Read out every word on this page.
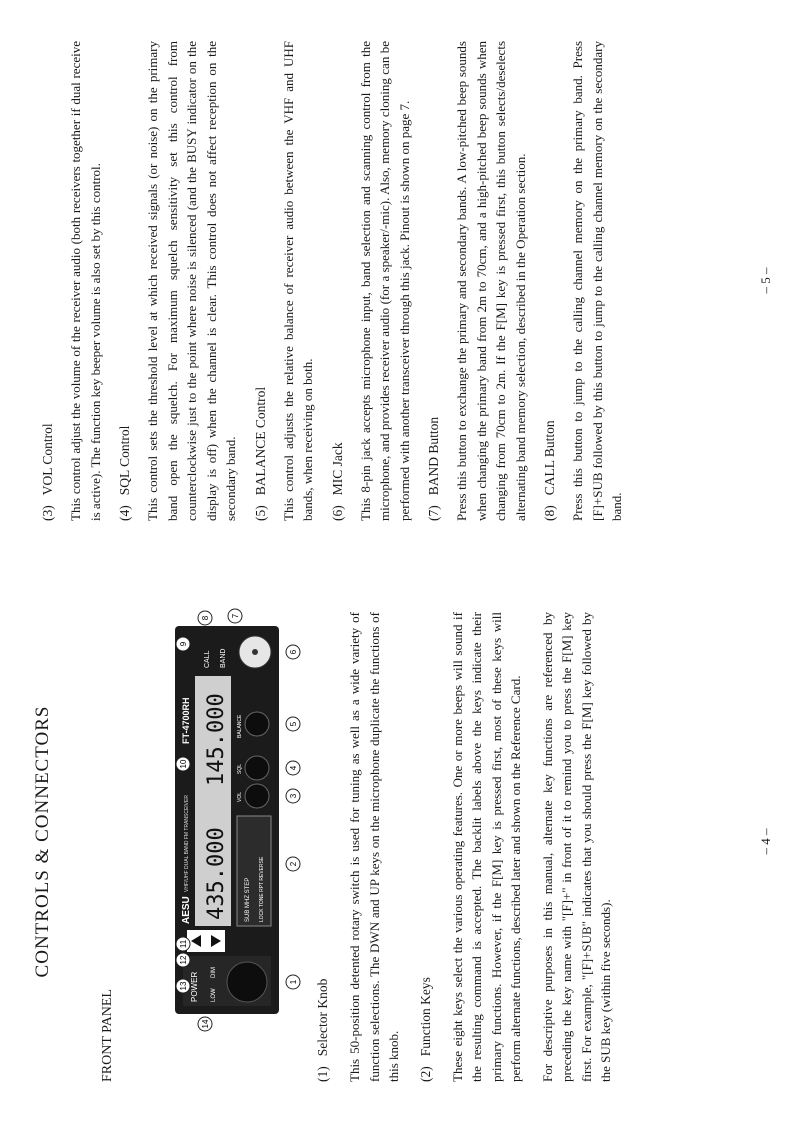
CONTROLS & CONNECTORS
FRONT PANEL
POWER LOW
DIM
AESU
VHF/UHF DUAL BAND FM TRANSCEIVER
FT-4700RH
435.000
145.000
SUB MHZ STEP LOCK TONE RPT REVERSE
VOL
SQL
BALANCE
CALL BAND
1
2
3
4
5
6
7
8
9
10
11
12
13
14

(1)Selector Knob This 50-position detented rotary switch is used for tuning as well as a wide variety of function selections. The DWN and UP keys on the microphone duplicate the functions of this knob. (2)Function Keys These eight keys select the various operating features. One or more beeps will sound if the resulting command is accepted. The backlit labels above the keys indicate their primary functions. However, if the F[M] key is pressed first, most of these keys will perform alternate functions, described later and shown on the Reference Card. For descriptive purposes in this manual, alternate key functions are referenced by preceding the key name with "[F]+" in front of it to remind you to press the F[M] key first. For example, "[F]+SUB" indicates that you should press the F[M] key followed by the SUB key (within five seconds).

– 4 –

(3)VOL Control This control adjust the volume of the receiver audio (both receivers together if dual receive is active). The function key beeper volume is also set by this control. (4)SQL Control This control sets the threshold level at which received signals (or noise) on the primary band open the squelch. For maximum squelch sensitivity set this control from counterclockwise just to the point where noise is silenced (and the BUSY indicator on the display is off) when the channel is clear. This control does not affect reception on the secondary band. (5)BALANCE Control This control adjusts the relative balance of receiver audio between the VHF and UHF bands, when receiving on both. (6)MIC Jack This 8-pin jack accepts microphone input, band selection and scanning control from the microphone, and provides receiver audio (for a speaker/-mic). Also, memory cloning can be performed with another transceiver through this jack. Pinout is shown on page 7. (7)BAND Button Press this button to exchange the primary and secondary bands. A low-pitched beep sounds when changing the primary band from 2m to 70cm, and a high-pitched beep sounds when changing from 70cm to 2m. If the F[M] key is pressed first, this button selects/deselects alternating band memory selection, described in the Operation section. (8)CALL Button Press this button to jump to the calling channel memory on the primary band. Press [F]+SUB followed by this button to jump to the calling channel memory on the secondary band.

– 5 –
